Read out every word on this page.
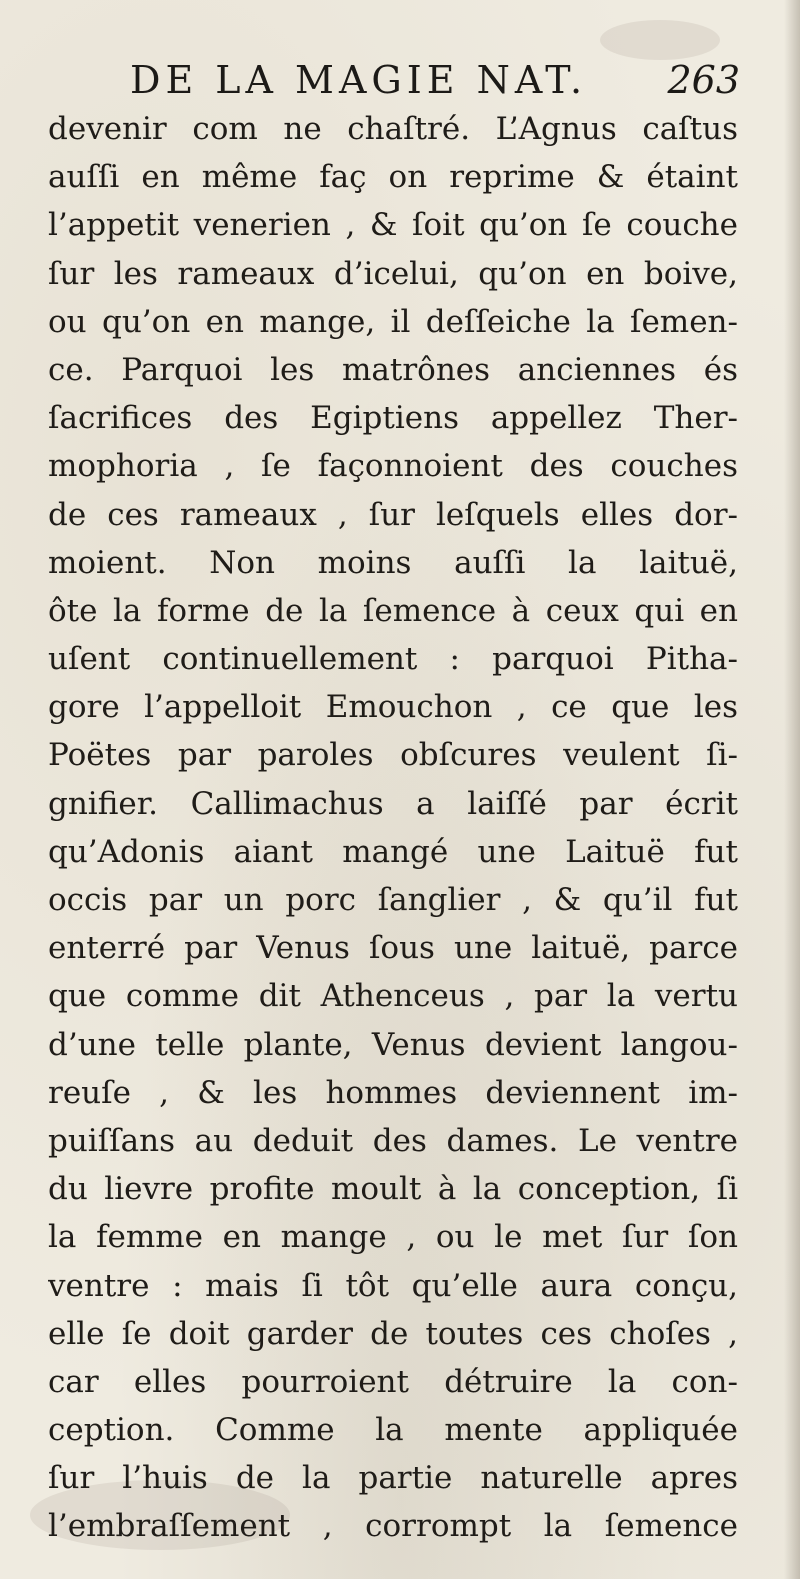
DE LA MAGIE NAT. 263
devenir com ne chaſtré. L’Agnus caſtus
auſſi en même faç on reprime & étaint
l’appetit venerien , & ſoit qu’on ſe couche
ſur les rameaux d’icelui, qu’on en boive,
ou qu’on en mange, il deſſeiche la ſemen-
ce. Parquoi les matrônes anciennes és
ſacrifices des Egiptiens appellez Ther-
mophoria , ſe façonnoient des couches
de ces rameaux , ſur leſquels elles dor-
moient. Non moins auſſi la laituë,
ôte la forme de la ſemence à ceux qui en
uſent continuellement : parquoi Pitha-
gore l’appelloit Emouchon , ce que les
Poëtes par paroles obſcures veulent ſi-
gnifier. Callimachus a laiſſé par écrit
qu’Adonis aiant mangé une Laituë fut
occis par un porc ſanglier , & qu’il fut
enterré par Venus ſous une laituë, parce
que comme dit Athenceus , par la vertu
d’une telle plante, Venus devient langou-
reuſe , & les hommes deviennent im-
puiſſans au deduit des dames. Le ventre
du lievre profite moult à la conception, ſi
la femme en mange , ou le met ſur ſon
ventre : mais ſi tôt qu’elle aura conçu,
elle ſe doit garder de toutes ces choſes ,
car elles pourroient détruire la con-
ception. Comme la mente appliquée
ſur l’huis de la partie naturelle apres
l’embraſſement , corrompt la ſemence
